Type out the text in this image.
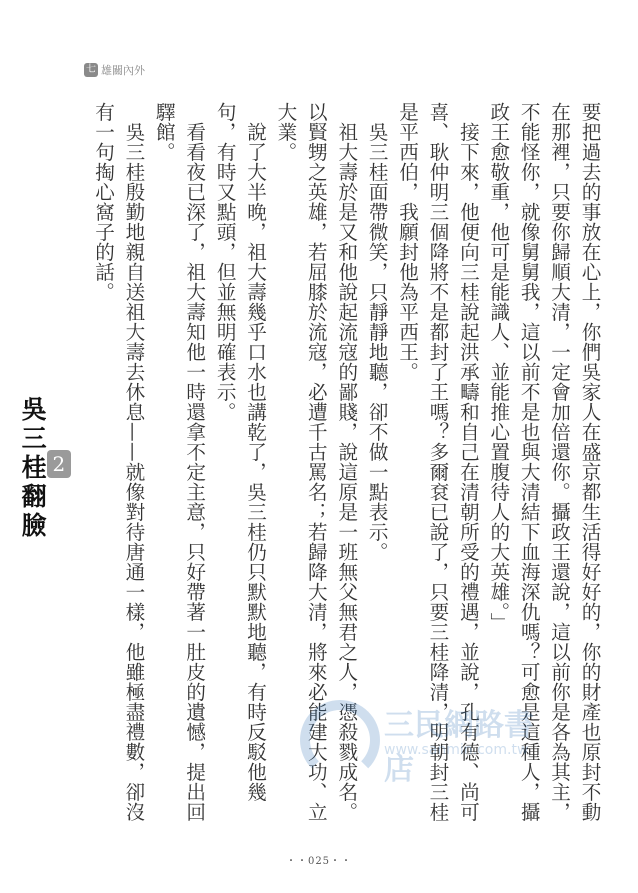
七 雄關內外

要把過去的事放在心上，你們吳家人在盛京都生活得好好的，你的財產也原封不動在那裡，只要你歸順大清，一定會加倍還你。攝政王還說，這以前你是各為其主，不能怪你，就像舅舅我，這以前不是也與大清結下血海深仇嗎？可愈是這種人，攝政王愈敬重，他可是能識人、並能推心置腹待人的大英雄。」

接下來，他便向三桂說起洪承疇和自己在清朝所受的禮遇，並說，孔有德、尚可喜、耿仲明三個降將不是都封了王嗎？多爾袞已說了，只要三桂降清，明朝封三桂是平西伯，我願封他為平西王。

吳三桂面帶微笑，只靜靜地聽，卻不做一點表示。

祖大壽於是又和他說起流寇的鄙賤，說這原是一班無父無君之人，憑殺戮成名。以賢甥之英雄，若屈膝於流寇，必遭千古罵名；若歸降大清，將來必能建大功、立大業。

說了大半晚，祖大壽幾乎口水也講乾了，吳三桂仍只默默地聽，有時反駁他幾句，有時又點頭，但並無明確表示。

看看夜已深了，祖大壽知他一時還拿不定主意，只好帶著一肚皮的遺憾，提出回驛館。

吳三桂殷勤地親自送祖大壽去休息——就像對待唐通一樣，他雖極盡禮數，卻沒有一句掏心窩子的話。

2
吳三桂翻臉

三民網路書店
www.sanmin.com.tw
・・025・・
